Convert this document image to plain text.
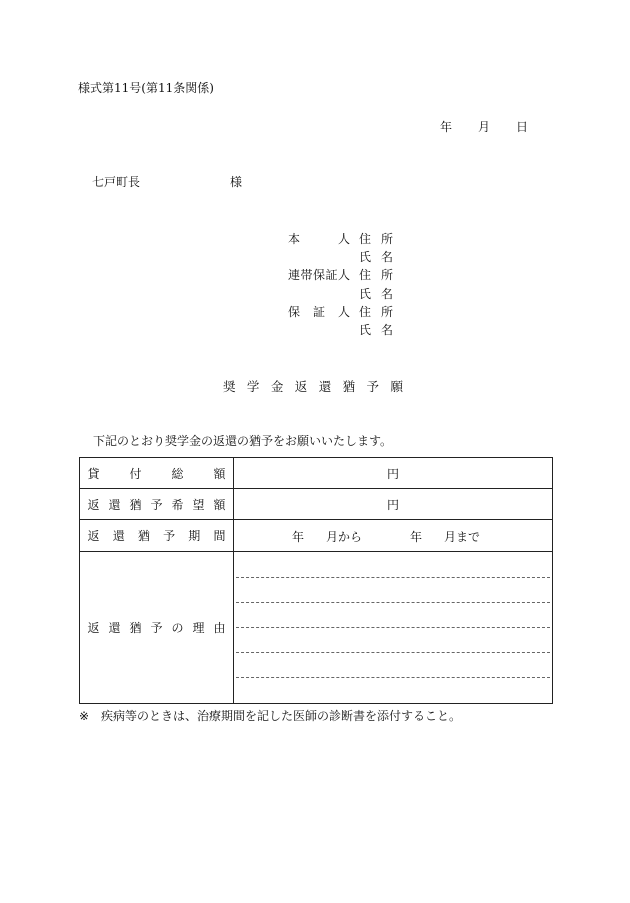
様式第11号(第11条関係)
年 月 日
七戸町長	様
本 人 住 所
氏 名
連帯保証人 住 所
氏 名
保 証 人 住 所
氏 名
奨学金返還猶予願
下記のとおり奨学金の返還の猶予をお願いいたします。
貸付総額	円

返還猶予希望額	円

返還猶予期間	年 月から 年 月まで

返還猶予の理由	

※ 疾病等のときは、治療期間を記した医師の診断書を添付すること。
